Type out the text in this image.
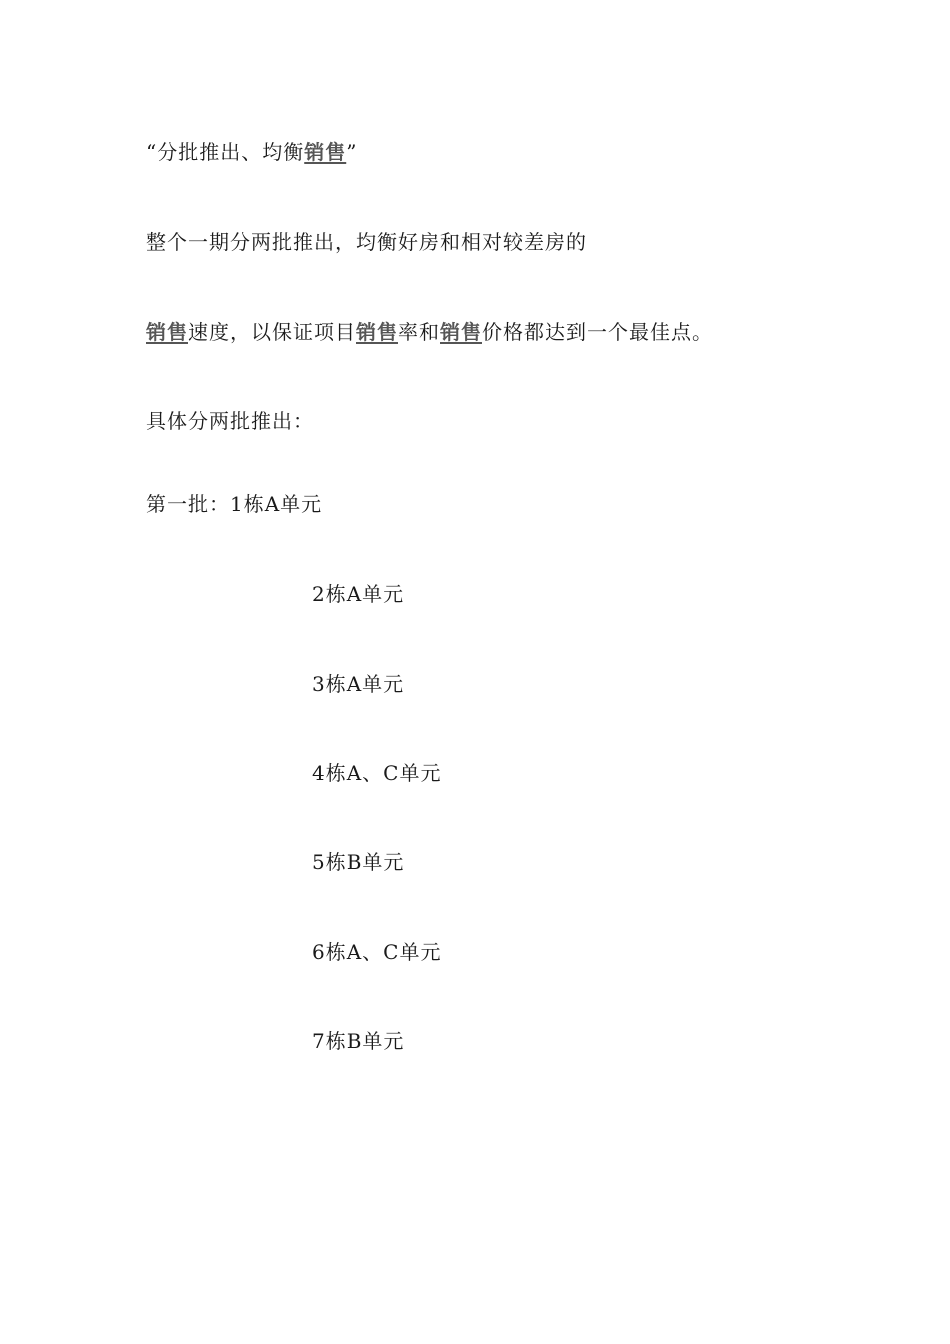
“分批推出、均衡销售”
整个一期分两批推出，均衡好房和相对较差房的
销售速度，以保证项目销售率和销售价格都达到一个最佳点。
具体分两批推出：
第一批：1栋A单元
2栋A单元
3栋A单元
4栋A、C单元
5栋B单元
6栋A、C单元
7栋B单元
